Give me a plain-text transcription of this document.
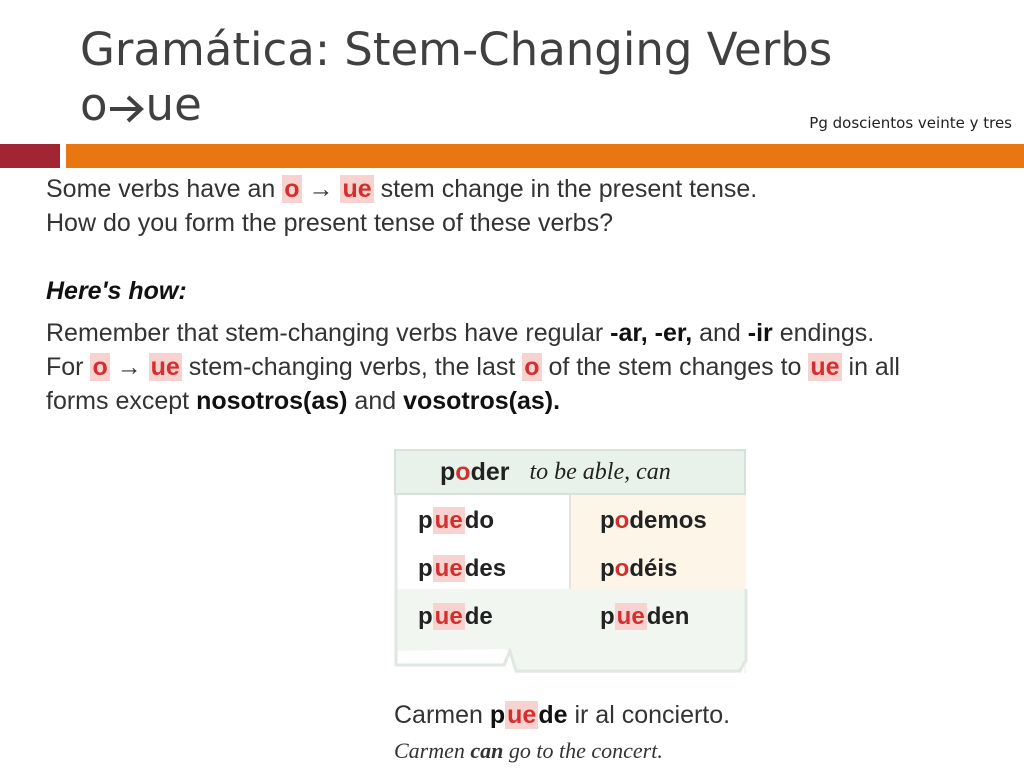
Gramática: Stem-Changing Verbs
o ue	Pg doscientos veinte y tres
Some verbs have an o → ue stem change in the present tense.
How do you form the present tense of these verbs?
Here's how:
Remember that stem-changing verbs have regular -ar, -er, and -ir endings.
For o → ue stem-changing verbs, the last o of the stem changes to ue in all
forms except nosotros(as) and vosotros(as).
poder to be able, can
puedo	podemos
puedes	podéis
puede	pueden
Carmen puede ir al concierto.
Carmen can go to the concert.
